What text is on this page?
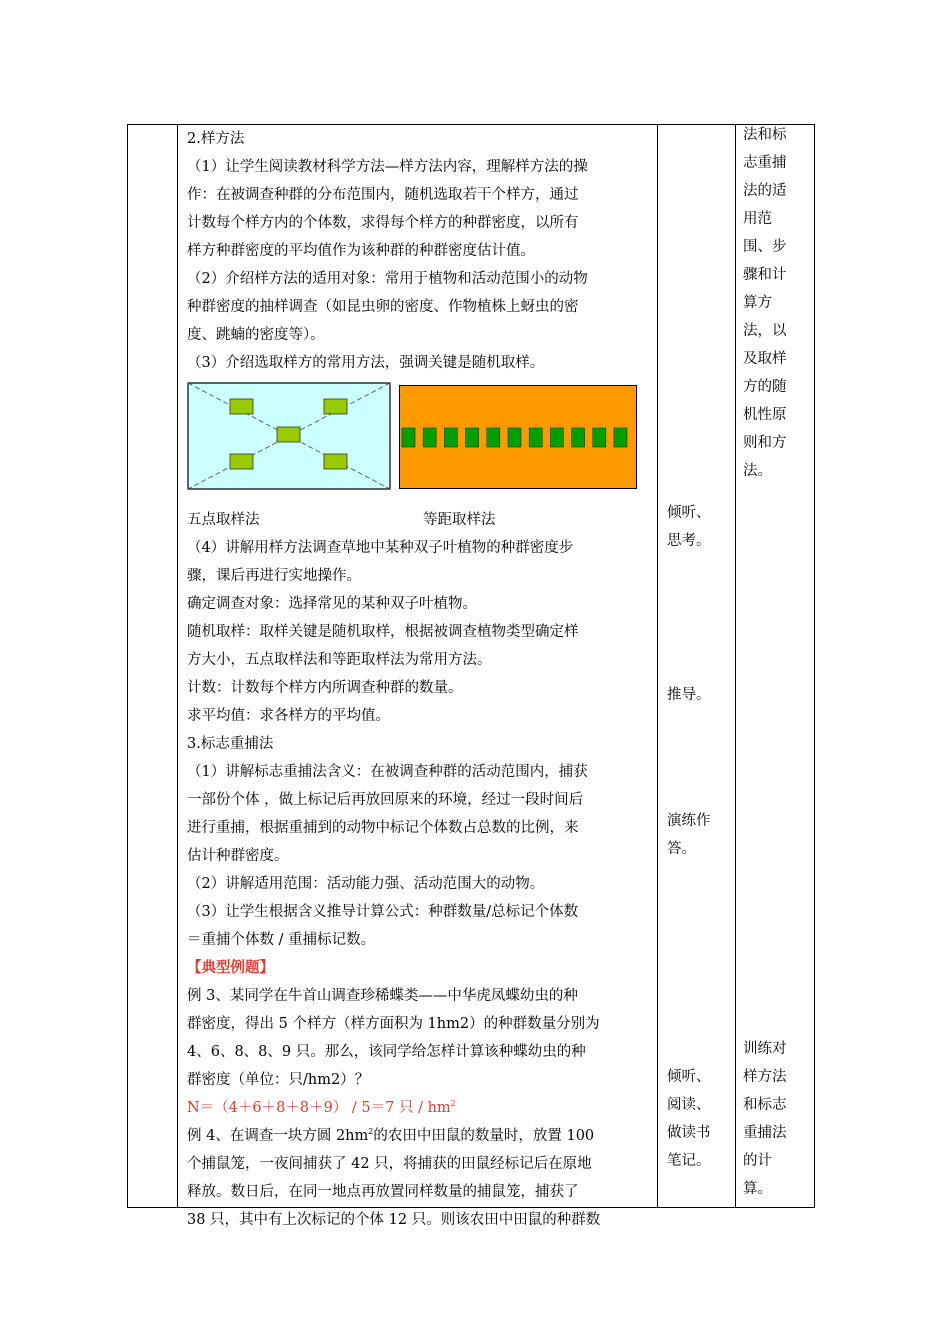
2.样方法

（1）让学生阅读教材科学方法—样方法内容，理解样方法的操

作：在被调查种群的分布范围内，随机选取若干个样方，通过

计数每个样方内的个体数，求得每个样方的种群密度，以所有

样方种群密度的平均值作为该种群的种群密度估计值。

（2）介绍样方法的适用对象：常用于植物和活动范围小的动物

种群密度的抽样调查（如昆虫卵的密度、作物植株上蚜虫的密

度、跳蝻的密度等）。

（3）介绍选取样方的常用方法，强调关键是随机取样。

五点取样法	等距取样法

（4）讲解用样方法调查草地中某种双子叶植物的种群密度步

骤，课后再进行实地操作。

确定调查对象：选择常见的某种双子叶植物。

随机取样：取样关键是随机取样，根据被调查植物类型确定样

方大小，五点取样法和等距取样法为常用方法。

计数：计数每个样方内所调查种群的数量。

求平均值：求各样方的平均值。

3.标志重捕法

（1）讲解标志重捕法含义：在被调查种群的活动范围内，捕获

一部份个体 ，做上标记后再放回原来的环境，经过一段时间后

进行重捕，根据重捕到的动物中标记个体数占总数的比例，来

估计种群密度。

（2）讲解适用范围：活动能力强、活动范围大的动物。

（3）让学生根据含义推导计算公式：种群数量/总标记个体数

＝重捕个体数 / 重捕标记数。

【典型例题】

例 3、某同学在牛首山调查珍稀蝶类——中华虎凤蝶幼虫的种

群密度，得出 5 个样方（样方面积为 1hm2）的种群数量分别为

4、6、8、8、9 只。那么，该同学给怎样计算该种蝶幼虫的种

群密度（单位：只/hm2）？

N＝（4＋6＋8＋8＋9） / 5＝7 只 / $hm^2$

例 4、在调查一块方圆 $2hm^2$的农田中田鼠的数量时，放置 100

个捕鼠笼，一夜间捕获了 42 只，将捕获的田鼠经标记后在原地

释放。数日后，在同一地点再放置同样数量的捕鼠笼，捕获了

38 只，其中有上次标记的个体 12 只。则该农田中田鼠的种群数

倾听、

思考。

推导。

演练作

答。

倾听、

阅读、

做读书

笔记。

法和标

志重捕

法的适

用范

围、步

骤和计

算方

法，以

及取样

方的随

机性原

则和方

法。

训练对

样方法

和标志

重捕法

的计

算。
